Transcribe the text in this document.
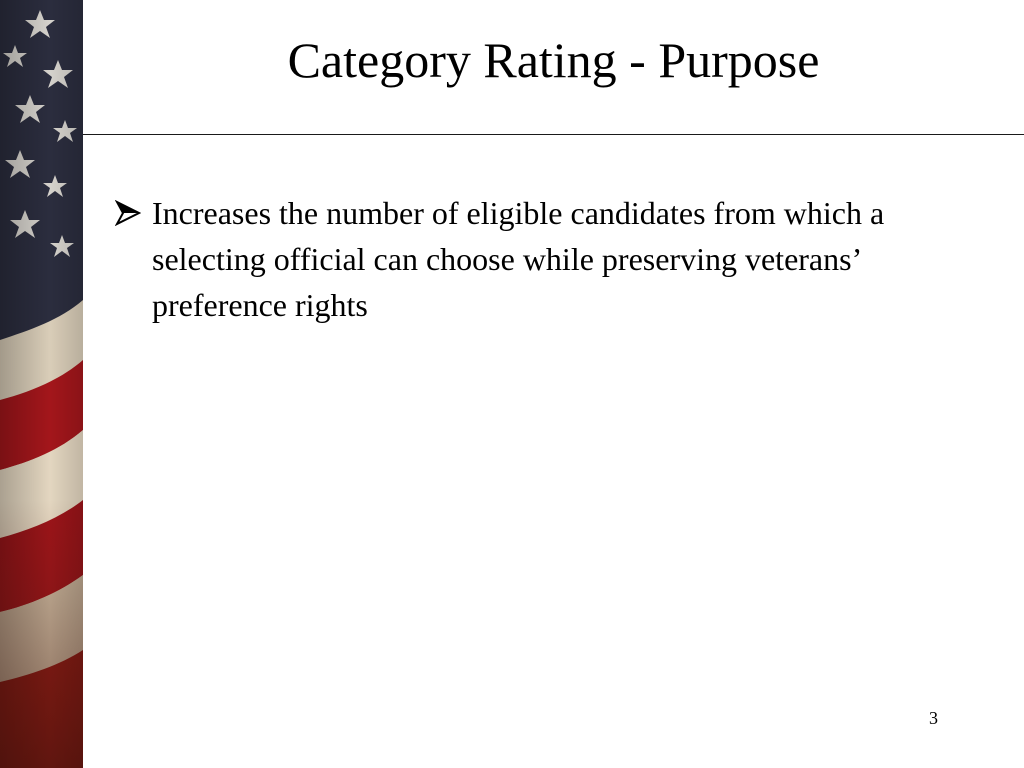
Category Rating - Purpose
Increases the number of eligible candidates from which a selecting official can choose while preserving veterans’ preference rights
3
